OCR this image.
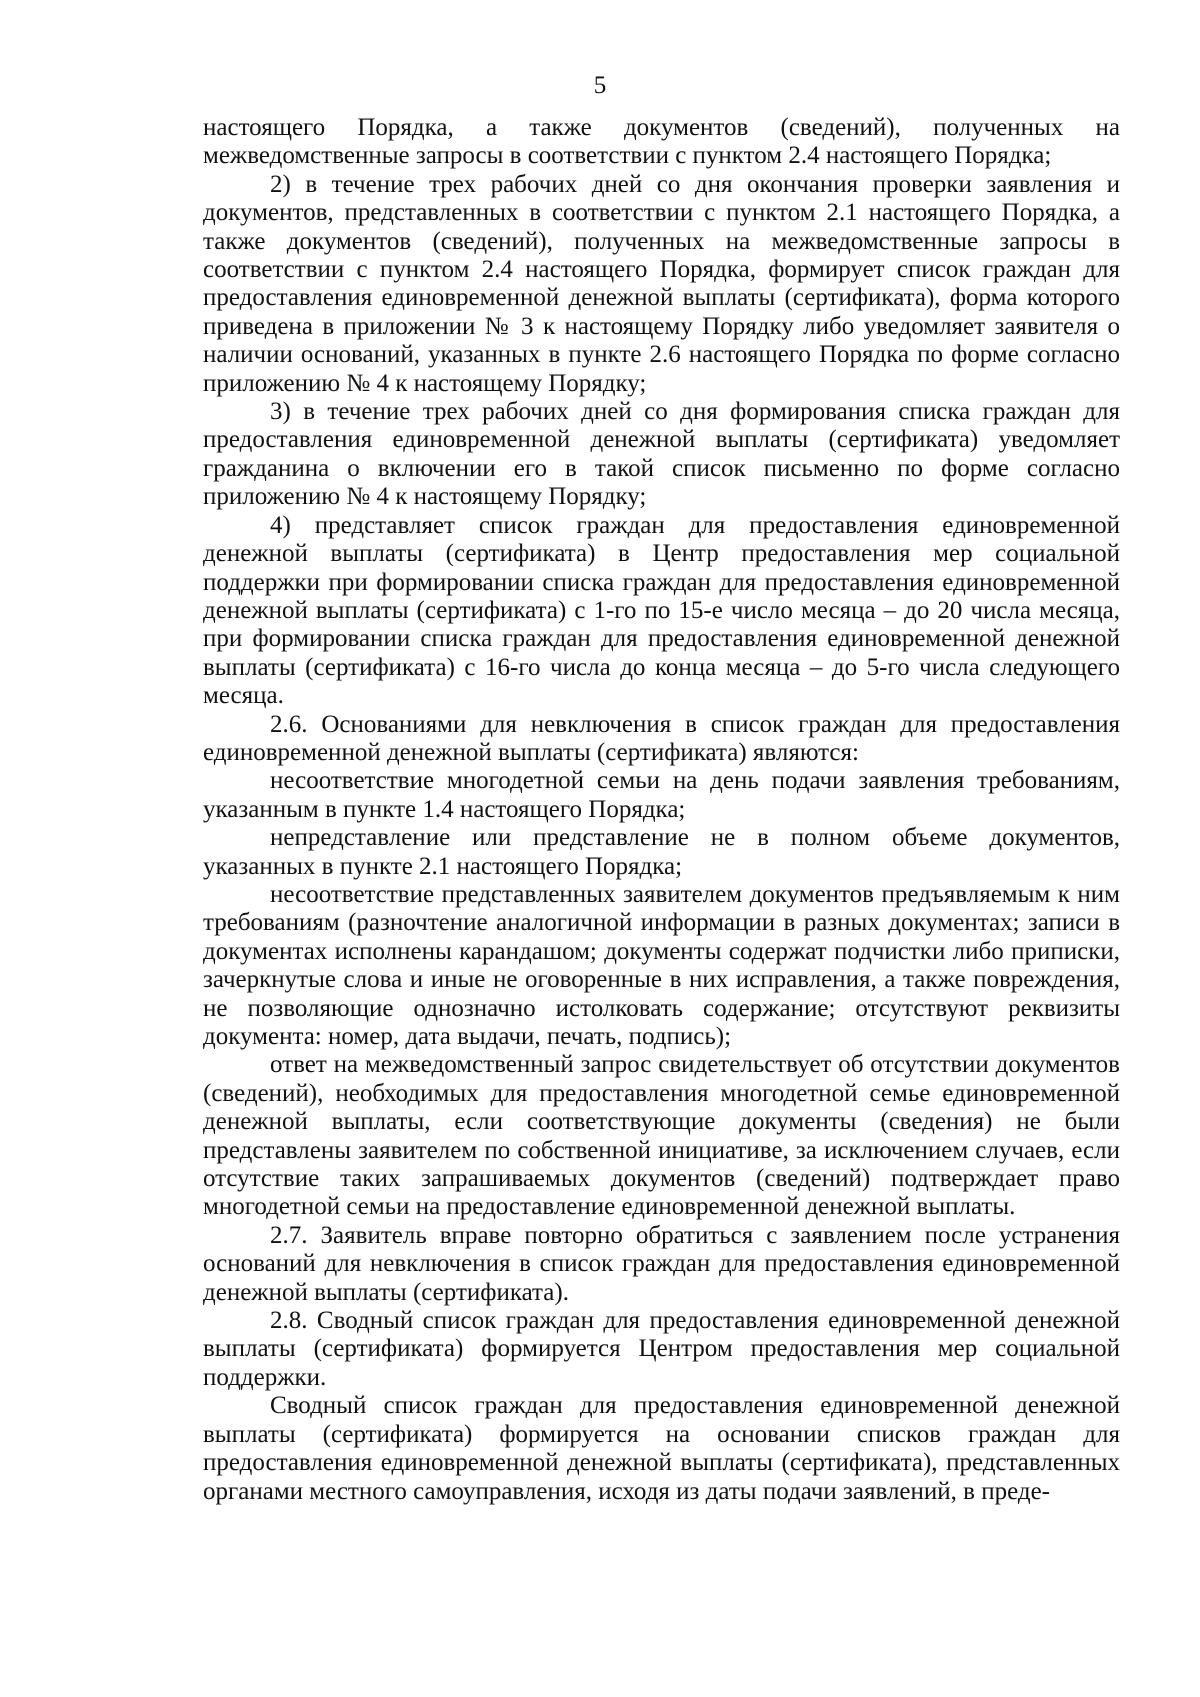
5

настоящего Порядка, а также документов (сведений), полученных на межведомственные запросы в соответствии с пунктом 2.4 настоящего Порядка;

2) в течение трех рабочих дней со дня окончания проверки заявления и документов, представленных в соответствии с пунктом 2.1 настоящего Порядка, а также документов (сведений), полученных на межведомственные запросы в соответствии с пунктом 2.4 настоящего Порядка, формирует список граждан для предоставления единовременной денежной выплаты (сертификата), форма которого приведена в приложении № 3 к настоящему Порядку либо уведомляет заявителя о наличии оснований, указанных в пункте 2.6 настоящего Порядка по форме согласно приложению № 4 к настоящему Порядку;

3) в течение трех рабочих дней со дня формирования списка граждан для предоставления единовременной денежной выплаты (сертификата) уведомляет гражданина о включении его в такой список письменно по форме согласно приложению № 4 к настоящему Порядку;

4) представляет список граждан для предоставления единовременной денежной выплаты (сертификата) в Центр предоставления мер социальной поддержки при формировании списка граждан для предоставления единовременной денежной выплаты (сертификата) с 1-го по 15-е число месяца – до 20 числа месяца, при формировании списка граждан для предоставления единовременной денежной выплаты (сертификата) с 16-го числа до конца месяца – до 5-го числа следующего месяца.

2.6. Основаниями для невключения в список граждан для предоставления единовременной денежной выплаты (сертификата) являются:

несоответствие многодетной семьи на день подачи заявления требованиям, указанным в пункте 1.4 настоящего Порядка;

непредставление или представление не в полном объеме документов, указанных в пункте 2.1 настоящего Порядка;

несоответствие представленных заявителем документов предъявляемым к ним требованиям (разночтение аналогичной информации в разных документах; записи в документах исполнены карандашом; документы содержат подчистки либо приписки, зачеркнутые слова и иные не оговоренные в них исправления, а также повреждения, не позволяющие однозначно истолковать содержание; отсутствуют реквизиты документа: номер, дата выдачи, печать, подпись);

ответ на межведомственный запрос свидетельствует об отсутствии документов (сведений), необходимых для предоставления многодетной семье единовременной денежной выплаты, если соответствующие документы (сведения) не были представлены заявителем по собственной инициативе, за исключением случаев, если отсутствие таких запрашиваемых документов (сведений) подтверждает право многодетной семьи на предоставление единовременной денежной выплаты.

2.7. Заявитель вправе повторно обратиться с заявлением после устранения оснований для невключения в список граждан для предоставления единовременной денежной выплаты (сертификата).

2.8. Сводный список граждан для предоставления единовременной денежной выплаты (сертификата) формируется Центром предоставления мер социальной поддержки.

Сводный список граждан для предоставления единовременной денежной выплаты (сертификата) формируется на основании списков граждан для предоставления единовременной денежной выплаты (сертификата), представленных органами местного самоуправления, исходя из даты подачи заявлений, в преде-
